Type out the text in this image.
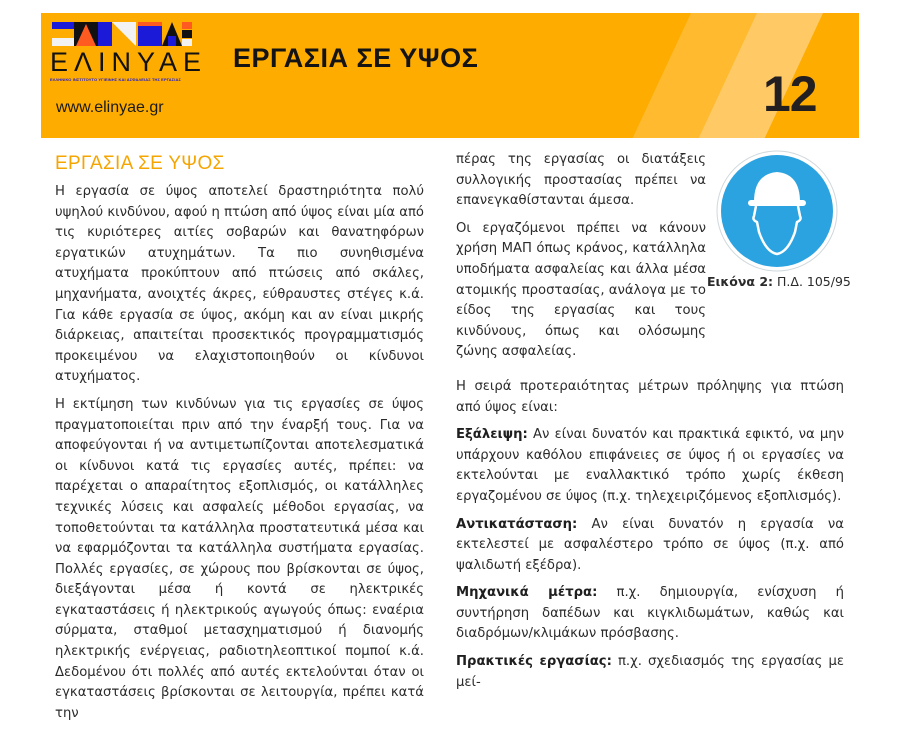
ΕΛΙΝΥΑΕ
ΕΛΛΗΝΙΚΟ ΙΝΣΤΙΤΟΥΤΟ ΥΓΙΕΙΝΗΣ ΚΑΙ ΑΣΦΑΛΕΙΑΣ ΤΗΣ ΕΡΓΑΣΙΑΣ
www.elinyae.gr
ΕΡΓΑΣΙΑ ΣΕ ΥΨΟΣ
12
ΕΡΓΑΣΙΑ ΣΕ ΥΨΟΣ

Η εργασία σε ύψος αποτελεί δραστηριότητα πολύ υψηλού κινδύνου, αφού η πτώση από ύψος είναι μία από τις κυριότερες αιτίες σοβαρών και θανατηφόρων εργατικών ατυχημάτων. Τα πιο συνηθισμένα ατυχήματα προκύπτουν από πτώσεις από σκάλες, μηχανήματα, ανοιχτές άκρες, εύθραυστες στέγες κ.ά. Για κάθε εργασία σε ύψος, ακόμη και αν είναι μικρής διάρκειας, απαιτείται προσεκτικός προγραμματισμός προκειμένου να ελαχιστοποιηθούν οι κίνδυνοι ατυχήματος.

Η εκτίμηση των κινδύνων για τις εργασίες σε ύψος πραγματοποιείται πριν από την έναρξή τους. Για να αποφεύγονται ή να αντιμετωπίζονται αποτελεσματικά οι κίνδυνοι κατά τις εργασίες αυτές, πρέπει: να παρέχεται ο απαραίτητος εξοπλισμός, οι κατάλληλες τεχνικές λύσεις και ασφαλείς μέθοδοι εργασίας, να τοποθετούνται τα κατάλληλα προστατευτικά μέσα και να εφαρμόζονται τα κατάλληλα συστήματα εργασίας. Πολλές εργασίες, σε χώρους που βρίσκονται σε ύψος, διεξάγονται μέσα ή κοντά σε ηλεκτρικές εγκαταστάσεις ή ηλεκτρικούς αγωγούς όπως: εναέρια σύρματα, σταθμοί μετασχηματισμού ή διανομής ηλεκτρικής ενέργειας, ραδιοτηλεοπτικοί πομποί κ.ά. Δεδομένου ότι πολλές από αυτές εκτελούνται όταν οι εγκαταστάσεις βρίσκονται σε λειτουργία, πρέπει κατά την

πέρας της εργασίας οι διατάξεις συλλογικής προστασίας πρέπει να επανεγκαθίστανται άμεσα.

Οι εργαζόμενοι πρέπει να κάνουν χρήση ΜΑΠ όπως κράνος, κατάλληλα υποδήματα ασφαλείας και άλλα μέσα ατομικής προστασίας, ανάλογα με το είδος της εργασίας και τους κινδύνους, όπως και ολόσωμης ζώνης ασφαλείας.

Η σειρά προτεραιότητας μέτρων πρόληψης για πτώση από ύψος είναι:

Εξάλειψη: Αν είναι δυνατόν και πρακτικά εφικτό, να μην υπάρχουν καθόλου επιφάνειες σε ύψος ή οι εργασίες να εκτελούνται με εναλλακτικό τρόπο χωρίς έκθεση εργαζομένου σε ύψος (π.χ. τηλεχειριζόμενος εξοπλισμός).

Αντικατάσταση: Αν είναι δυνατόν η εργασία να εκτελεστεί με ασφαλέστερο τρόπο σε ύψος (π.χ. από ψαλιδωτή εξέδρα).

Μηχανικά μέτρα: π.χ. δημιουργία, ενίσχυση ή συντήρηση δαπέδων και κιγκλιδωμάτων, καθώς και διαδρόμων/κλιμάκων πρόσβασης.

Πρακτικές εργασίας: π.χ. σχεδιασμός της εργασίας με μεί-

Εικόνα 2: Π.Δ. 105/95
